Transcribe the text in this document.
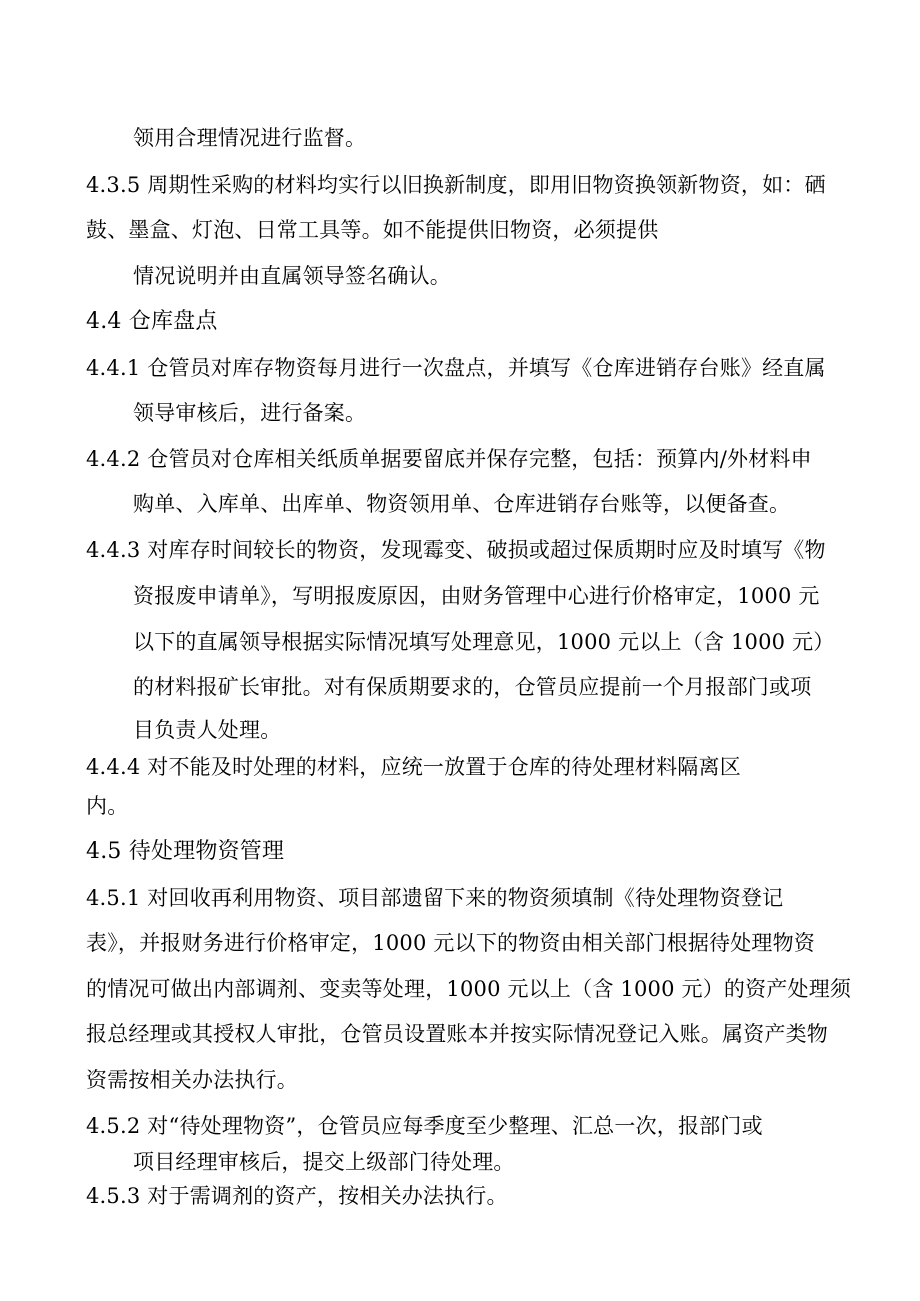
领用合理情况进行监督。
4.3.5 周期性采购的材料均实行以旧换新制度，即用旧物资换领新物资，如：硒
鼓、墨盒、灯泡、日常工具等。如不能提供旧物资，必须提供
情况说明并由直属领导签名确认。
4.4 仓库盘点
4.4.1 仓管员对库存物资每月进行一次盘点，并填写《仓库进销存台账》经直属
领导审核后，进行备案。
4.4.2 仓管员对仓库相关纸质单据要留底并保存完整，包括：预算内/外材料申
购单、入库单、出库单、物资领用单、仓库进销存台账等，以便备查。
4.4.3 对库存时间较长的物资，发现霉变、破损或超过保质期时应及时填写《物
资报废申请单》，写明报废原因，由财务管理中心进行价格审定，1000 元
以下的直属领导根据实际情况填写处理意见，1000 元以上（含 1000 元）
的材料报矿长审批。对有保质期要求的，仓管员应提前一个月报部门或项
目负责人处理。
4.4.4 对不能及时处理的材料，应统一放置于仓库的待处理材料隔离区
内。
4.5 待处理物资管理
4.5.1 对回收再利用物资、项目部遗留下来的物资须填制《待处理物资登记
表》，并报财务进行价格审定，1000 元以下的物资由相关部门根据待处理物资
的情况可做出内部调剂、变卖等处理，1000 元以上（含 1000 元）的资产处理须
报总经理或其授权人审批，仓管员设置账本并按实际情况登记入账。属资产类物
资需按相关办法执行。
4.5.2 对“待处理物资”，仓管员应每季度至少整理、汇总一次，报部门或
项目经理审核后，提交上级部门待处理。
4.5.3 对于需调剂的资产，按相关办法执行。
